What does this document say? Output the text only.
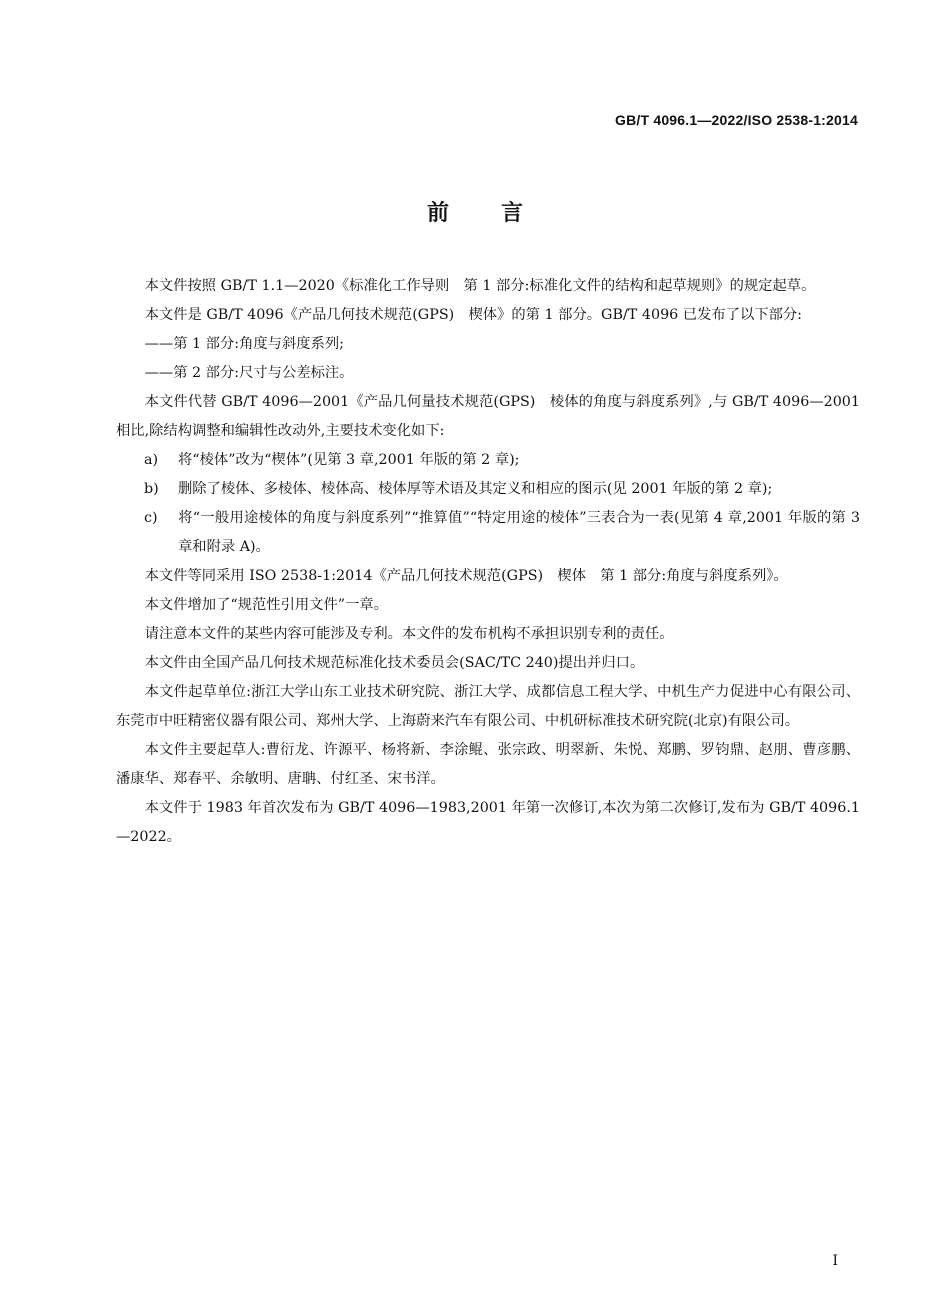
GB/T 4096.1—2022/ISO 2538-1:2014
前言

本文件按照 GB/T 1.1—2020《标准化工作导则　第 1 部分:标准化文件的结构和起草规则》的规定起草。

本文件是 GB/T 4096《产品几何技术规范(GPS)　楔体》的第 1 部分。GB/T 4096 已发布了以下部分:

——第 1 部分:角度与斜度系列;

——第 2 部分:尺寸与公差标注。

本文件代替 GB/T 4096—2001《产品几何量技术规范(GPS)　棱体的角度与斜度系列》,与 GB/T 4096—2001 相比,除结构调整和编辑性改动外,主要技术变化如下:

a) 将“棱体”改为“楔体”(见第 3 章,2001 年版的第 2 章);

b) 删除了棱体、多棱体、棱体高、棱体厚等术语及其定义和相应的图示(见 2001 年版的第 2 章);

c) 将“一般用途棱体的角度与斜度系列”“推算值”“特定用途的棱体”三表合为一表(见第 4 章,2001 年版的第 3 章和附录 A)。

本文件等同采用 ISO 2538-1:2014《产品几何技术规范(GPS)　楔体　第 1 部分:角度与斜度系列》。

本文件增加了“规范性引用文件”一章。

请注意本文件的某些内容可能涉及专利。本文件的发布机构不承担识别专利的责任。

本文件由全国产品几何技术规范标准化技术委员会(SAC/TC 240)提出并归口。

本文件起草单位:浙江大学山东工业技术研究院、浙江大学、成都信息工程大学、中机生产力促进中心有限公司、东莞市中旺精密仪器有限公司、郑州大学、上海蔚来汽车有限公司、中机研标准技术研究院(北京)有限公司。

本文件主要起草人:曹衍龙、许源平、杨将新、李涂鲲、张宗政、明翠新、朱悦、郑鹏、罗钧鼎、赵朋、曹彦鹏、潘康华、郑春平、余敏明、唐聃、付红圣、宋书洋。

本文件于 1983 年首次发布为 GB/T 4096—1983,2001 年第一次修订,本次为第二次修订,发布为 GB/T 4096.1—2022。

I
